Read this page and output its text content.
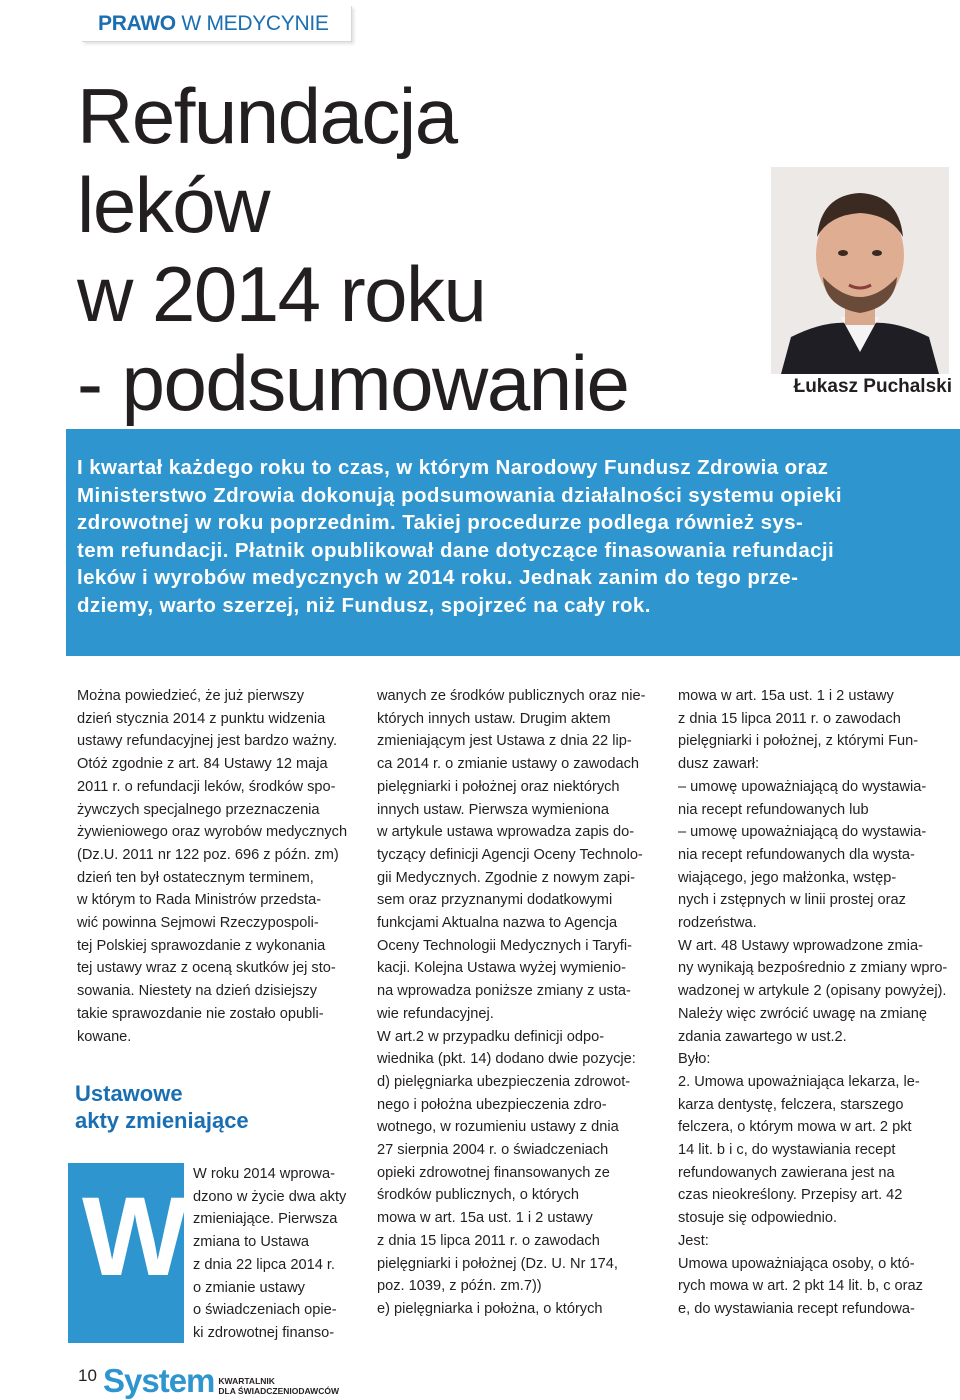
PRAWO
W MEDYCYNIE
Refundacja
leków
w 2014 roku
- podsumowanie	Łukasz Puchalski
I kwartał każdego roku to czas, w którym Narodowy Fundusz Zdrowia oraz
Ministerstwo Zdrowia dokonują podsumowania działalności systemu opieki
zdrowotnej w roku poprzednim. Takiej procedurze podlega również sys-
tem refundacji. Płatnik opublikował dane dotyczące finasowania refundacji
leków i wyrobów medycznych w 2014 roku. Jednak zanim do tego prze-
dziemy, warto szerzej, niż Fundusz, spojrzeć na cały rok.
Można powiedzieć, że już pierwszy
dzień stycznia 2014 z punktu widzenia
ustawy refundacyjnej jest bardzo ważny.
Otóż zgodnie z art. 84 Ustawy 12 maja
2011 r. o refundacji leków, środków spo-
żywczych specjalnego przeznaczenia
żywieniowego oraz wyrobów medycznych
(Dz.U. 2011 nr 122 poz. 696 z późn. zm)
dzień ten był ostatecznym terminem,
w którym to Rada Ministrów przedsta-
wić powinna Sejmowi Rzeczypospoli-
tej Polskiej sprawozdanie z wykonania
tej ustawy wraz z oceną skutków jej sto-
sowania. Niestety na dzień dzisiejszy
takie sprawozdanie nie zostało opubli-
kowane.
Ustawowe
akty zmieniające
W W roku 2014 wprowa-
dzono w życie dwa akty
zmieniające. Pierwsza
zmiana to Ustawa
z dnia 22 lipca 2014 r.
o zmianie ustawy
o świadczeniach opie-
ki zdrowotnej finanso-
wanych ze środków publicznych oraz nie-
których innych ustaw. Drugim aktem
zmieniającym jest Ustawa z dnia 22 lip-
ca 2014 r. o zmianie ustawy o zawodach
pielęgniarki i położnej oraz niektórych
innych ustaw. Pierwsza wymieniona
w artykule ustawa wprowadza zapis do-
tyczący definicji Agencji Oceny Technolo-
gii Medycznych. Zgodnie z nowym zapi-
sem oraz przyznanymi dodatkowymi
funkcjami Aktualna nazwa to Agencja
Oceny Technologii Medycznych i Taryfi-
kacji. Kolejna Ustawa wyżej wymienio-
na wprowadza poniższe zmiany z usta-
wie refundacyjnej.
W art.2 w przypadku definicji odpo-
wiednika (pkt. 14) dodano dwie pozycje:
d) pielęgniarka ubezpieczenia zdrowot-
nego i położna ubezpieczenia zdro-
wotnego, w rozumieniu ustawy z dnia
27 sierpnia 2004 r. o świadczeniach
opieki zdrowotnej finansowanych ze
środków publicznych, o których
mowa w art. 15a ust. 1 i 2 ustawy
z dnia 15 lipca 2011 r. o zawodach
pielęgniarki i położnej (Dz. U. Nr 174,
poz. 1039, z późn. zm.7))
e) pielęgniarka i położna, o których
mowa w art. 15a ust. 1 i 2 ustawy
z dnia 15 lipca 2011 r. o zawodach
pielęgniarki i położnej, z którymi Fun-
dusz zawarł:
– umowę upoważniającą do wystawia-
nia recept refundowanych lub
– umowę upoważniającą do wystawia-
nia recept refundowanych dla wysta-
wiającego, jego małżonka, wstęp-
nych i zstępnych w linii prostej oraz
rodzeństwa.
W art. 48 Ustawy wprowadzone zmia-
ny wynikają bezpośrednio z zmiany wpro-
wadzonej w artykule 2 (opisany powyżej).
Należy więc zwrócić uwagę na zmianę
zdania zawartego w ust.2.
Było:
2. Umowa upoważniająca lekarza, le-
karza dentystę, felczera, starszego
felczera, o którym mowa w art. 2 pkt
14 lit. b i c, do wystawiania recept
refundowanych zawierana jest na
czas nieokreślony. Przepisy art. 42
stosuje się odpowiednio.
Jest:
Umowa upoważniająca osoby, o któ-
rych mowa w art. 2 pkt 14 lit. b, c oraz
e, do wystawiania recept refundowa-
10 System KWARTALNIK
DLA ŚWIADCZENIODAWCÓW
